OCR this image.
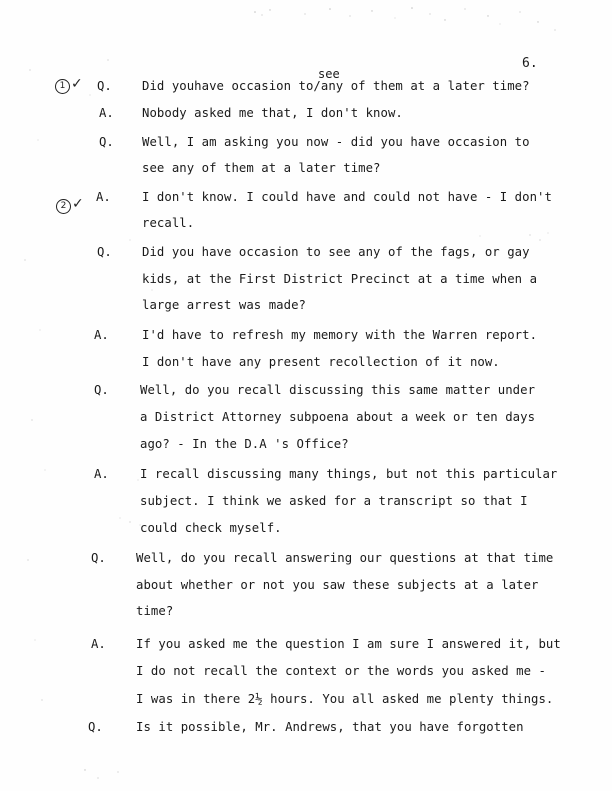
6.
see
1 ✓
2 ✓
Q. Did youhave occasion to/any of them at a later time?
A. Nobody asked me that, I don't know.
Q. Well, I am asking you now - did you have occasion to
see any of them at a later time?
A.	I don't know. I could have and could not have - I don't
recall.
Q. Did you have occasion to see any of the fags, or gay
kids, at the First District Precinct at a time when a
large arrest was made?
A.	I'd have to refresh my memory with the Warren report.
I don't have any present recollection of it now.
Q.	Well, do you recall discussing this same matter under
a District Attorney subpoena about a week or ten days
ago? - In the D.A 's Office?
A.	I recall discussing many things, but not this particular
subject. I think we asked for a transcript so that I
could check myself.
Q. Well, do you recall answering our questions at that time
about whether or not you saw these subjects at a later
time?
A. If you asked me the question I am sure I answered it, but
I do not recall the context or the words you asked me -
I was in there 2½ hours. You all asked me plenty things.
Q.	Is it possible, Mr. Andrews, that you have forgotten
